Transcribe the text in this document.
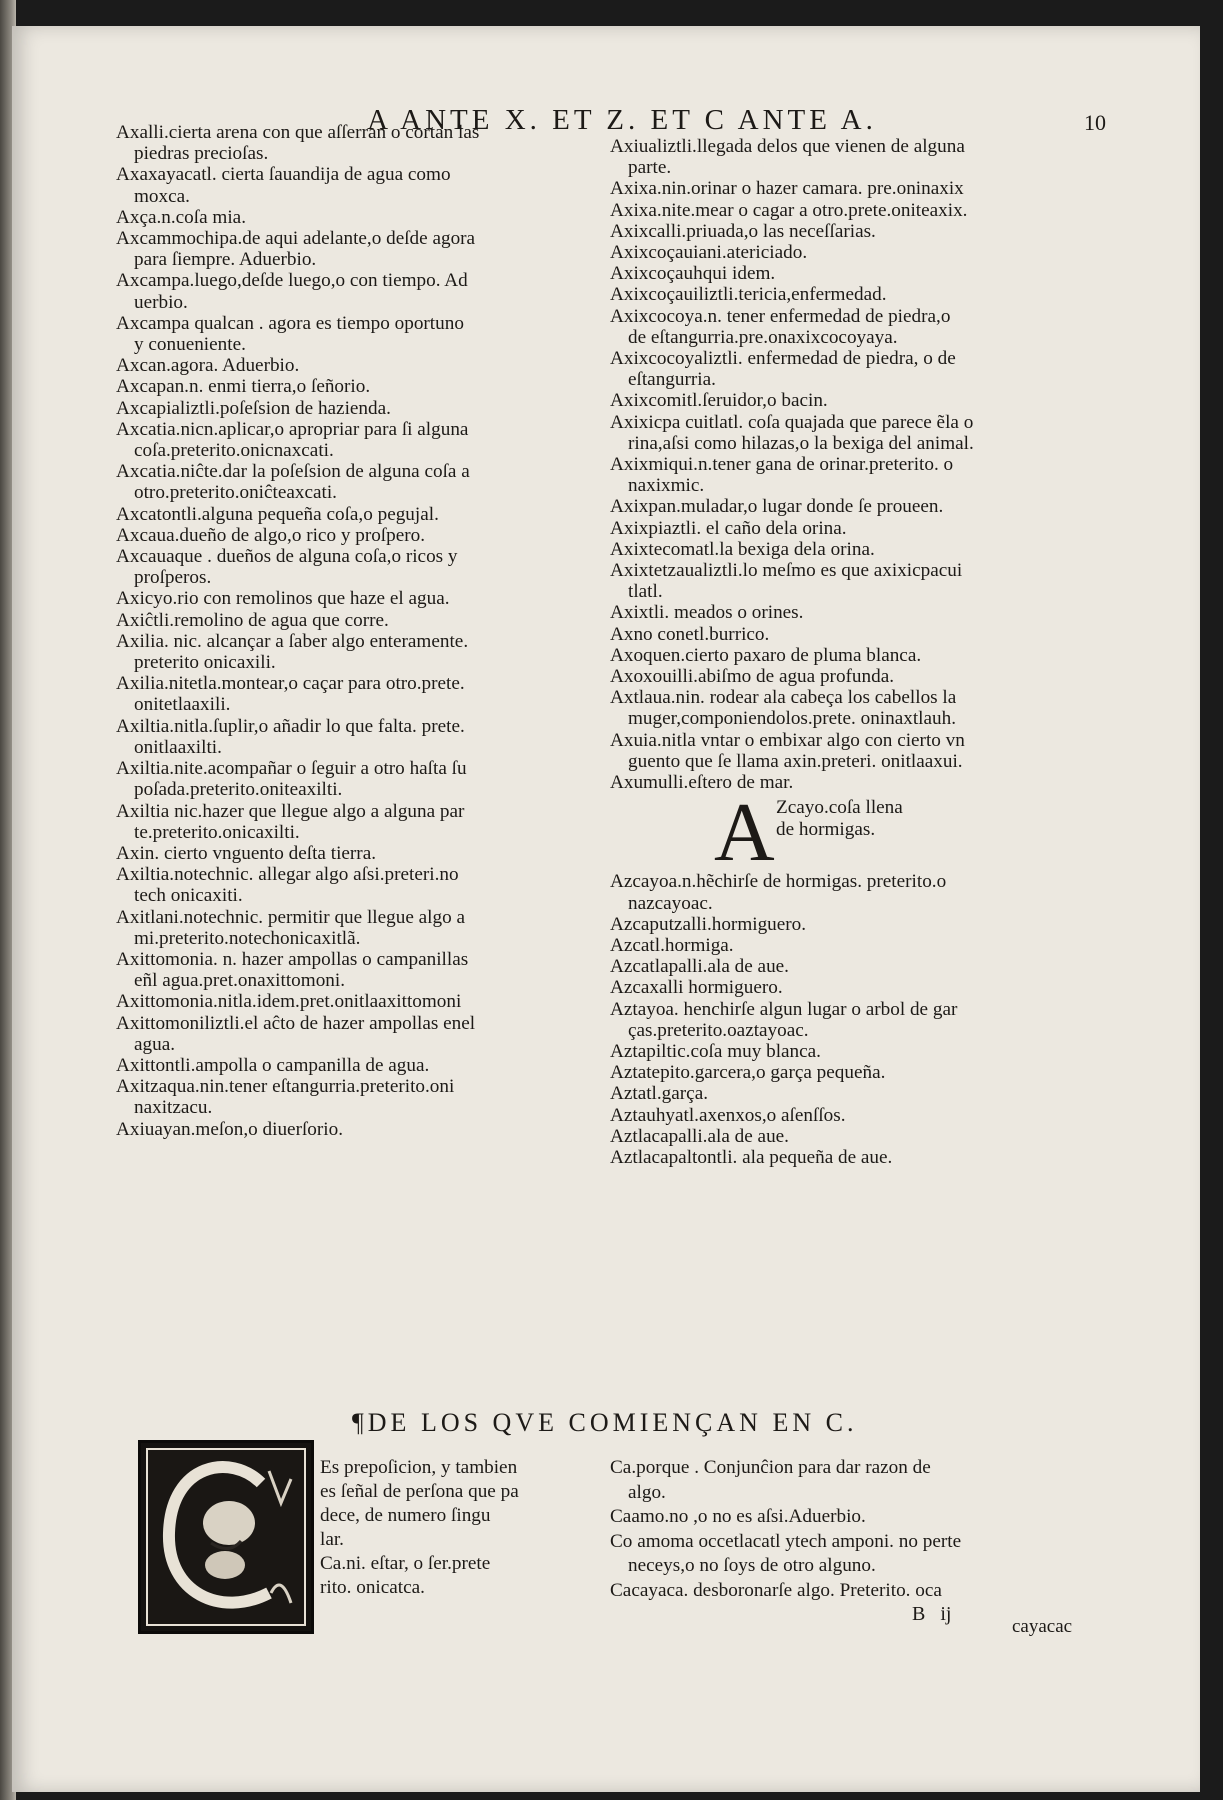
A ANTE X. ET Z. ET C ANTE A.	10
Axalli.cierta arena con que aſſerran o cortan las
piedras precioſas.
Axaxayacatl. cierta ſauandija de agua como
moxca.
Axça.n.coſa mia.
Axcammochipa.de aqui adelante,o deſde agora
para ſiempre. Aduerbio.
Axcampa.luego,deſde luego,o con tiempo. Ad
uerbio.
Axcampa qualcan . agora es tiempo oportuno
y conueniente.
Axcan.agora. Aduerbio.
Axcapan.n. enmi tierra,o ſeñorio.
Axcapializtli.poſeſsion de hazienda.
Axcatia.nicn.aplicar,o apropriar para ſi alguna
coſa.preterito.onicnaxcati.
Axcatia.niĉte.dar la poſeſsion de alguna coſa a
otro.preterito.oniĉteaxcati.
Axcatontli.alguna pequeña coſa,o pegujal.
Axcaua.dueño de algo,o rico y proſpero.
Axcauaque . dueños de alguna coſa,o ricos y
proſperos.
Axicyo.rio con remolinos que haze el agua.
Axiĉtli.remolino de agua que corre.
Axilia. nic. alcançar a ſaber algo enteramente.
preterito onicaxili.
Axilia.nitetla.montear,o caçar para otro.prete.
onitetlaaxili.
Axiltia.nitla.ſuplir,o añadir lo que falta. prete.
onitlaaxilti.
Axiltia.nite.acompañar o ſeguir a otro haſta ſu
poſada.preterito.oniteaxilti.
Axiltia nic.hazer que llegue algo a alguna par
te.preterito.onicaxilti.
Axin. cierto vnguento deſta tierra.
Axiltia.notechnic. allegar algo aſsi.preteri.no
tech onicaxiti.
Axitlani.notechnic. permitir que llegue algo a
mi.preterito.notechonicaxitlã.
Axittomonia. n. hazer ampollas o campanillas
eñl agua.pret.onaxittomoni.
Axittomonia.nitla.idem.pret.onitlaaxittomoni
Axittomoniliztli.el aĉto de hazer ampollas enel
agua.
Axittontli.ampolla o campanilla de agua.
Axitzaqua.nin.tener eſtangurria.preterito.oni
naxitzacu.
Axiuayan.meſon,o diuerſorio.
Axiualiztli.llegada delos que vienen de alguna
parte.
Axixa.nin.orinar o hazer camara. pre.oninaxix
Axixa.nite.mear o cagar a otro.prete.oniteaxix.
Axixcalli.priuada,o las neceſſarias.
Axixcoçauiani.atericiado.
Axixcoçauhqui idem.
Axixcoçauiliztli.tericia,enfermedad.
Axixcocoya.n. tener enfermedad de piedra,o
de eſtangurria.pre.onaxixcocoyaya.
Axixcocoyaliztli. enfermedad de piedra, o de
eſtangurria.
Axixcomitl.ſeruidor,o bacin.
Axixicpa cuitlatl. coſa quajada que parece ẽla o
rina,aſsi como hilazas,o la bexiga del animal.
Axixmiqui.n.tener gana de orinar.preterito. o
naxixmic.
Axixpan.muladar,o lugar donde ſe proueen.
Axixpiaztli. el caño dela orina.
Axixtecomatl.la bexiga dela orina.
Axixtetzaualiztli.lo meſmo es que axixicpacui
tlatl.
Axixtli. meados o orines.
Axno conetl.burrico.
Axoquen.cierto paxaro de pluma blanca.
Axoxouilli.abiſmo de agua profunda.
Axtlaua.nin. rodear ala cabeça los cabellos la
muger,componiendolos.prete. oninaxtlauh.
Axuia.nitla vntar o embixar algo con cierto vn
guento que ſe llama axin.preteri. onitlaaxui.
Axumulli.eſtero de mar.
A Zcayo.coſa llena
de hormigas.
Azcayoa.n.hẽchirſe de hormigas. preterito.o
nazcayoac.
Azcaputzalli.hormiguero.
Azcatl.hormiga.
Azcatlapalli.ala de aue.
Azcaxalli hormiguero.
Aztayoa. henchirſe algun lugar o arbol de gar
ças.preterito.oaztayoac.
Aztapiltic.coſa muy blanca.
Aztatepito.garcera,o garça pequeña.
Aztatl.garça.
Aztauhyatl.axenxos,o aſenſſos.
Aztlacapalli.ala de aue.
Aztlacapaltontli. ala pequeña de aue.
¶DE LOS QVE COMIENÇAN EN C.
Es prepoſicion, y tambien
es ſeñal de perſona que pa
dece, de numero ſingu
lar.
Ca.ni. eſtar, o ſer.prete
rito. onicatca.
Ca.porque . Conjunĉion para dar razon de
algo.
Caamo.no ,o no es aſsi.Aduerbio.
Co amoma occetlacatl ytech amponi. no perte
neceys,o no ſoys de otro alguno.
Cacayaca. desboronarſe algo. Preterito. oca
B ij
cayacac
